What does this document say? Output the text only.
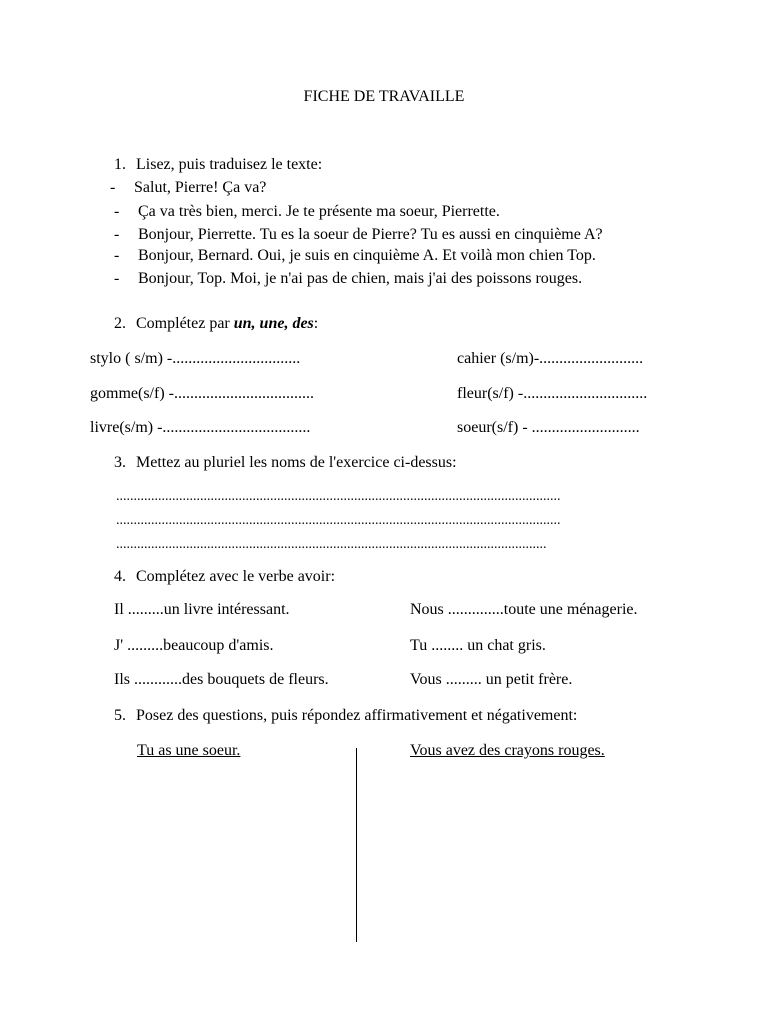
FICHE DE TRAVAILLE
1. Lisez, puis traduisez le texte:
- Salut, Pierre! Ça va?
- Ça va très bien, merci. Je te présente ma soeur, Pierrette.
- Bonjour, Pierrette. Tu es la soeur de Pierre? Tu es aussi en cinquième A?
- Bonjour, Bernard. Oui, je suis en cinquième A. Et voilà mon chien Top.
- Bonjour, Top. Moi, je n'ai pas de chien, mais j'ai des poissons rouges.
2. Complétez par un, une, des:
stylo ( s/m) -................................	cahier (s/m)-..........................
gomme(s/f) -...................................	fleur(s/f) -...............................
livre(s/m) -.....................................	soeur(s/f) - ...........................
3. Mettez au pluriel les noms de l'exercice ci-dessus:
...............................................................................................................................
...............................................................................................................................
...........................................................................................................................
4. Complétez avec le verbe avoir:
Il .........un livre intéressant.	Nous ..............toute une ménagerie.
J' .........beaucoup d'amis.	Tu ........ un chat gris.
Ils ............des bouquets de fleurs.	Vous ......... un petit frère.
5. Posez des questions, puis répondez affirmativement et négativement:
Tu as une soeur.	Vous avez des crayons rouges.
